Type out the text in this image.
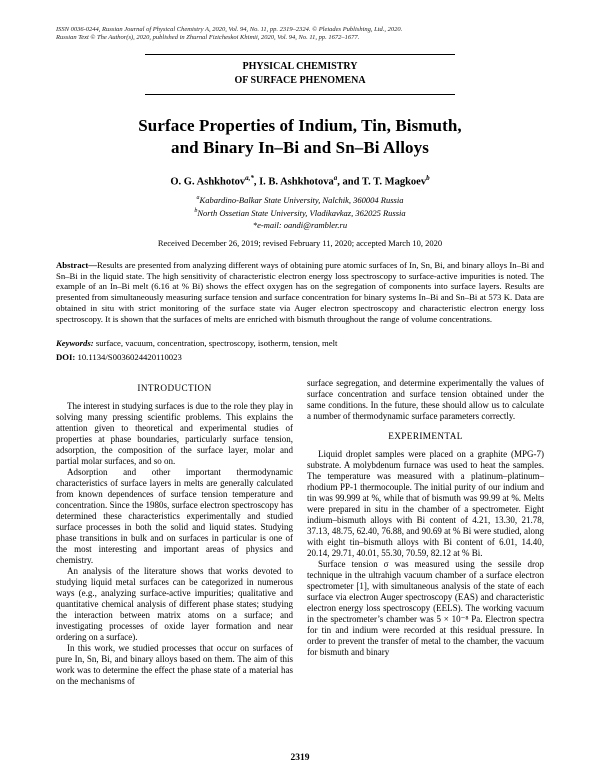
ISSN 0036-0244, Russian Journal of Physical Chemistry A, 2020, Vol. 94, No. 11, pp. 2319–2324. © Pleiades Publishing, Ltd., 2020.
Russian Text © The Author(s), 2020, published in Zhurnal Fizicheskoi Khimii, 2020, Vol. 94, No. 11, pp. 1672–1677.
PHYSICAL CHEMISTRY
OF SURFACE PHENOMENA
Surface Properties of Indium, Tin, Bismuth,
and Binary In–Bi and Sn–Bi Alloys
O. G. Ashkhotov$^{a,*}$, I. B. Ashkhotova$^a$, and T. T. Magkoev$^b$
$^a$Kabardino-Balkar State University, Nalchik, 360004 Russia
$^b$North Ossetian State University, Vladikavkaz, 362025 Russia
*e-mail: oandi@rambler.ru
Received December 26, 2019; revised February 11, 2020; accepted March 10, 2020

Abstract—Results are presented from analyzing different ways of obtaining pure atomic surfaces of In, Sn, Bi, and binary alloys In–Bi and Sn–Bi in the liquid state. The high sensitivity of characteristic electron energy loss spectroscopy to surface-active impurities is noted. The example of an In–Bi melt (6.16 at % Bi) shows the effect oxygen has on the segregation of components into surface layers. Results are presented from simultaneously measuring surface tension and surface concentration for binary systems In–Bi and Sn–Bi at 573 K. Data are obtained in situ with strict monitoring of the surface state via Auger electron spectroscopy and characteristic electron energy loss spectroscopy. It is shown that the surfaces of melts are enriched with bismuth throughout the range of volume concentrations.

Keywords: surface, vacuum, concentration, spectroscopy, isotherm, tension, melt
DOI: 10.1134/S0036024420110023
INTRODUCTION

The interest in studying surfaces is due to the role they play in solving many pressing scientific problems. This explains the attention given to theoretical and experimental studies of properties at phase boundaries, particularly surface tension, adsorption, the composition of the surface layer, molar and partial molar surfaces, and so on.

Adsorption and other important thermodynamic characteristics of surface layers in melts are generally calculated from known dependences of surface tension temperature and concentration. Since the 1980s, surface electron spectroscopy has determined these characteristics experimentally and studied surface processes in both the solid and liquid states. Studying phase transitions in bulk and on surfaces in particular is one of the most interesting and important areas of physics and chemistry.

An analysis of the literature shows that works devoted to studying liquid metal surfaces can be categorized in numerous ways (e.g., analyzing surface-active impurities; qualitative and quantitative chemical analysis of different phase states; studying the interaction between matrix atoms on a surface; and investigating processes of oxide layer formation and near ordering on a surface).

In this work, we studied processes that occur on surfaces of pure In, Sn, Bi, and binary alloys based on them. The aim of this work was to determine the effect the phase state of a material has on the mechanisms of

surface segregation, and determine experimentally the values of surface concentration and surface tension obtained under the same conditions. In the future, these should allow us to calculate a number of thermodynamic surface parameters correctly.

EXPERIMENTAL

Liquid droplet samples were placed on a graphite (MPG-7) substrate. A molybdenum furnace was used to heat the samples. The temperature was measured with a platinum–platinum–rhodium PP-1 thermocouple. The initial purity of our indium and tin was 99.999 at %, while that of bismuth was 99.99 at %. Melts were prepared in situ in the chamber of a spectrometer. Eight indium–bismuth alloys with Bi content of 4.21, 13.30, 21.78, 37.13, 48.75, 62.40, 76.88, and 90.69 at % Bi were studied, along with eight tin–bismuth alloys with Bi content of 6.01, 14.40, 20.14, 29.71, 40.01, 55.30, 70.59, 82.12 at % Bi.

Surface tension σ was measured using the sessile drop technique in the ultrahigh vacuum chamber of a surface electron spectrometer [1], with simultaneous analysis of the state of each surface via electron Auger spectroscopy (EAS) and characteristic electron energy loss spectroscopy (EELS). The working vacuum in the spectrometer’s chamber was 5 × 10⁻⁸ Pa. Electron spectra for tin and indium were recorded at this residual pressure. In order to prevent the transfer of metal to the chamber, the vacuum for bismuth and binary

2319
